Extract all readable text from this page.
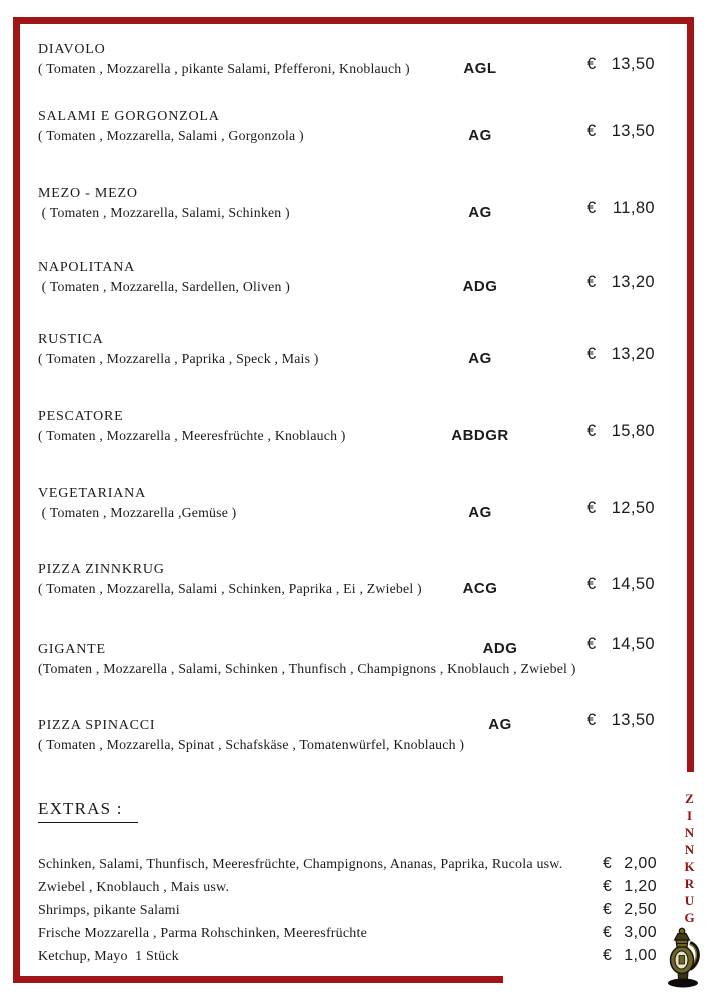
DIAVOLO
( Tomaten , Mozzarella , pikante Salami, Pfefferoni, Knoblauch )	AGL	€ 13,50
SALAMI E GORGONZOLA
( Tomaten , Mozzarella, Salami , Gorgonzola )	AG	€ 13,50
MEZO - MEZO
( Tomaten , Mozzarella, Salami, Schinken )	AG	€ 11,80
NAPOLITANA
( Tomaten , Mozzarella, Sardellen, Oliven )	ADG	€ 13,20
RUSTICA
( Tomaten , Mozzarella , Paprika , Speck , Mais )	AG	€ 13,20
PESCATORE
( Tomaten , Mozzarella , Meeresfrüchte , Knoblauch )	ABDGR	€ 15,80
VEGETARIANA
( Tomaten , Mozzarella ,Gemüse )	AG	€ 12,50
PIZZA ZINNKRUG
( Tomaten , Mozzarella, Salami , Schinken, Paprika , Ei , Zwiebel )	ACG	€ 14,50
GIGANTE
(Tomaten , Mozzarella , Salami, Schinken , Thunfisch , Champignons , Knoblauch , Zwiebel )
ADG	€ 14,50
PIZZA SPINACCI
( Tomaten , Mozzarella, Spinat , Schafskäse , Tomatenwürfel, Knoblauch )
AG	€ 13,50
EXTRAS :
Schinken, Salami, Thunfisch, Meeresfrüchte, Champignons, Ananas, Paprika, Rucola usw.	€ 2,00
Zwiebel , Knoblauch , Mais usw.	€ 1,20
Shrimps, pikante Salami	€ 2,50
Frische Mozzarella , Parma Rohschinken, Meeresfrüchte	€ 3,00
Ketchup, Mayo  1 Stück	€ 1,00
Z
I
N
N
K
R
U
G
